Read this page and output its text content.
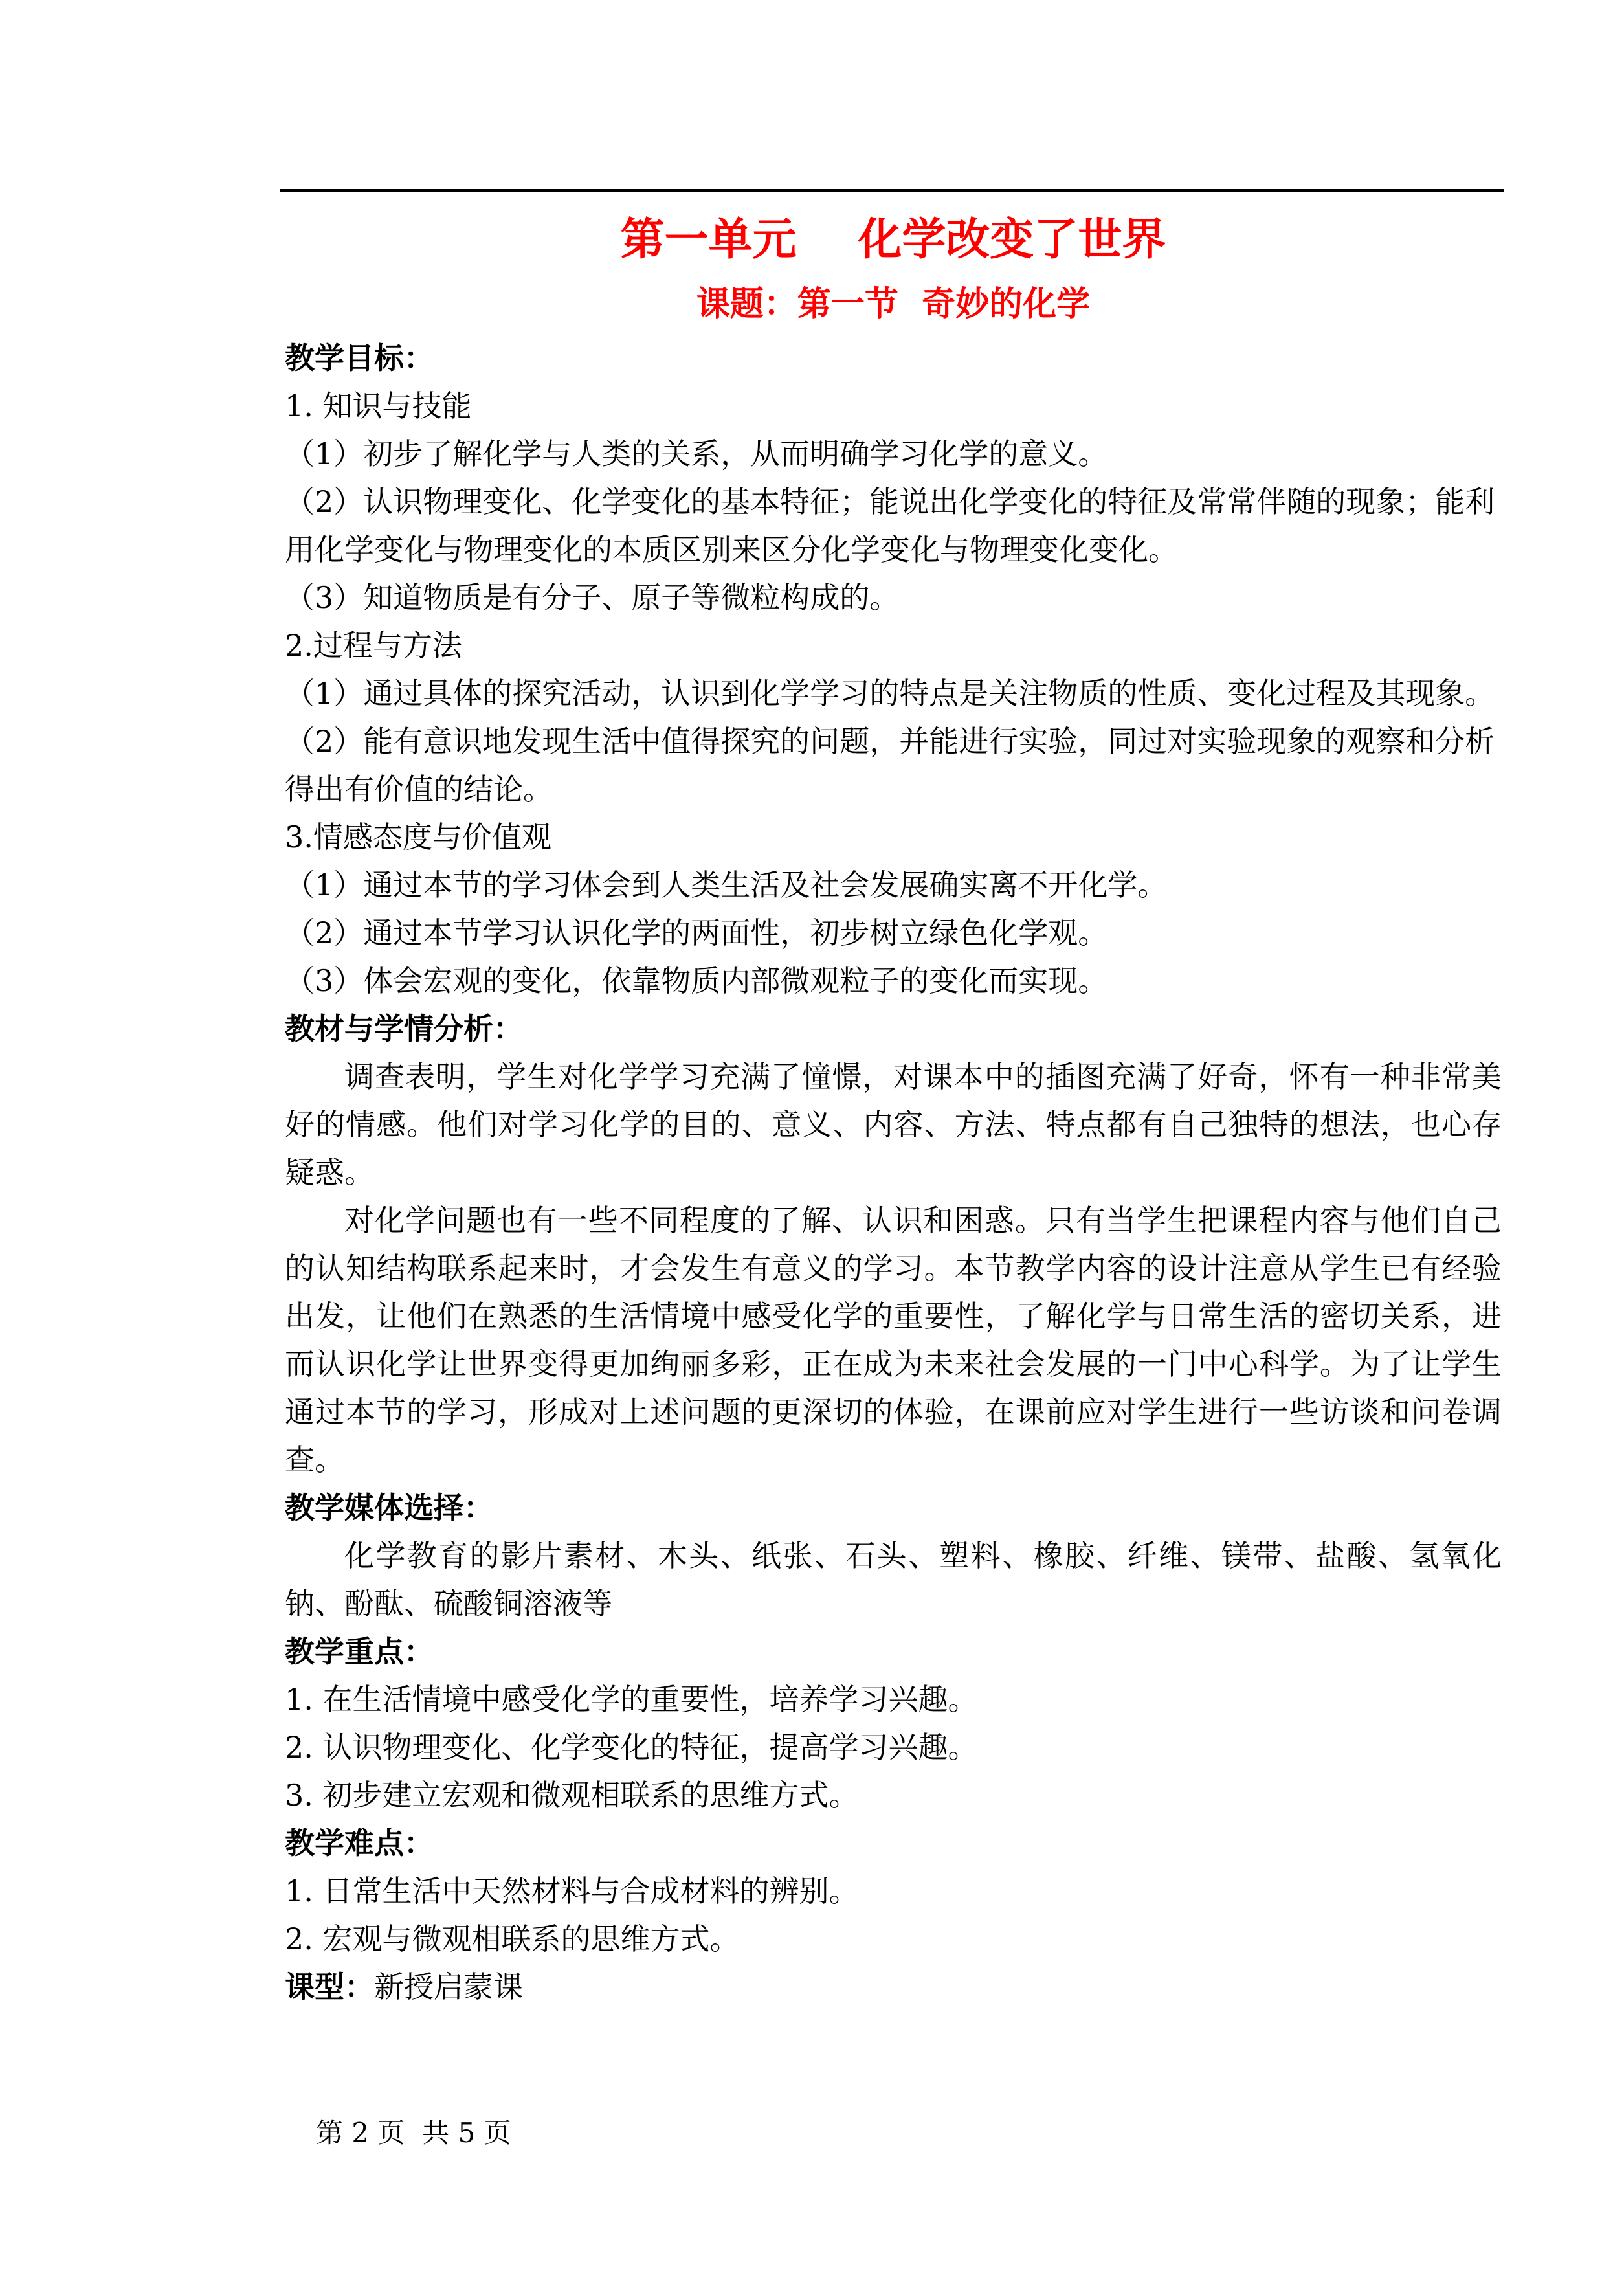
第一单元    化学改变了世界
课题：第一节  奇妙的化学
教学目标：
1. 知识与技能
（1）初步了解化学与人类的关系，从而明确学习化学的意义。
（2）认识物理变化、化学变化的基本特征；能说出化学变化的特征及常常伴随的现象；能利用化学变化与物理变化的本质区别来区分化学变化与物理变化变化。
（3）知道物质是有分子、原子等微粒构成的。
2.过程与方法
（1）通过具体的探究活动，认识到化学学习的特点是关注物质的性质、变化过程及其现象。
（2）能有意识地发现生活中值得探究的问题，并能进行实验，同过对实验现象的观察和分析得出有价值的结论。
3.情感态度与价值观
（1）通过本节的学习体会到人类生活及社会发展确实离不开化学。
（2）通过本节学习认识化学的两面性，初步树立绿色化学观。
（3）体会宏观的变化，依靠物质内部微观粒子的变化而实现。
教材与学情分析：
调查表明，学生对化学学习充满了憧憬，对课本中的插图充满了好奇，怀有一种非常美好的情感。他们对学习化学的目的、意义、内容、方法、特点都有自己独特的想法，也心存疑惑。
对化学问题也有一些不同程度的了解、认识和困惑。只有当学生把课程内容与他们自己的认知结构联系起来时，才会发生有意义的学习。本节教学内容的设计注意从学生已有经验出发，让他们在熟悉的生活情境中感受化学的重要性，了解化学与日常生活的密切关系，进而认识化学让世界变得更加绚丽多彩，正在成为未来社会发展的一门中心科学。为了让学生通过本节的学习，形成对上述问题的更深切的体验，在课前应对学生进行一些访谈和问卷调查。
教学媒体选择：
化学教育的影片素材、木头、纸张、石头、塑料、橡胶、纤维、镁带、盐酸、氢氧化钠、酚酞、硫酸铜溶液等
教学重点：
1. 在生活情境中感受化学的重要性，培养学习兴趣。
2. 认识物理变化、化学变化的特征，提高学习兴趣。
3. 初步建立宏观和微观相联系的思维方式。
教学难点：
1. 日常生活中天然材料与合成材料的辨别。
2. 宏观与微观相联系的思维方式。
课型：新授启蒙课
第 2 页  共 5 页
